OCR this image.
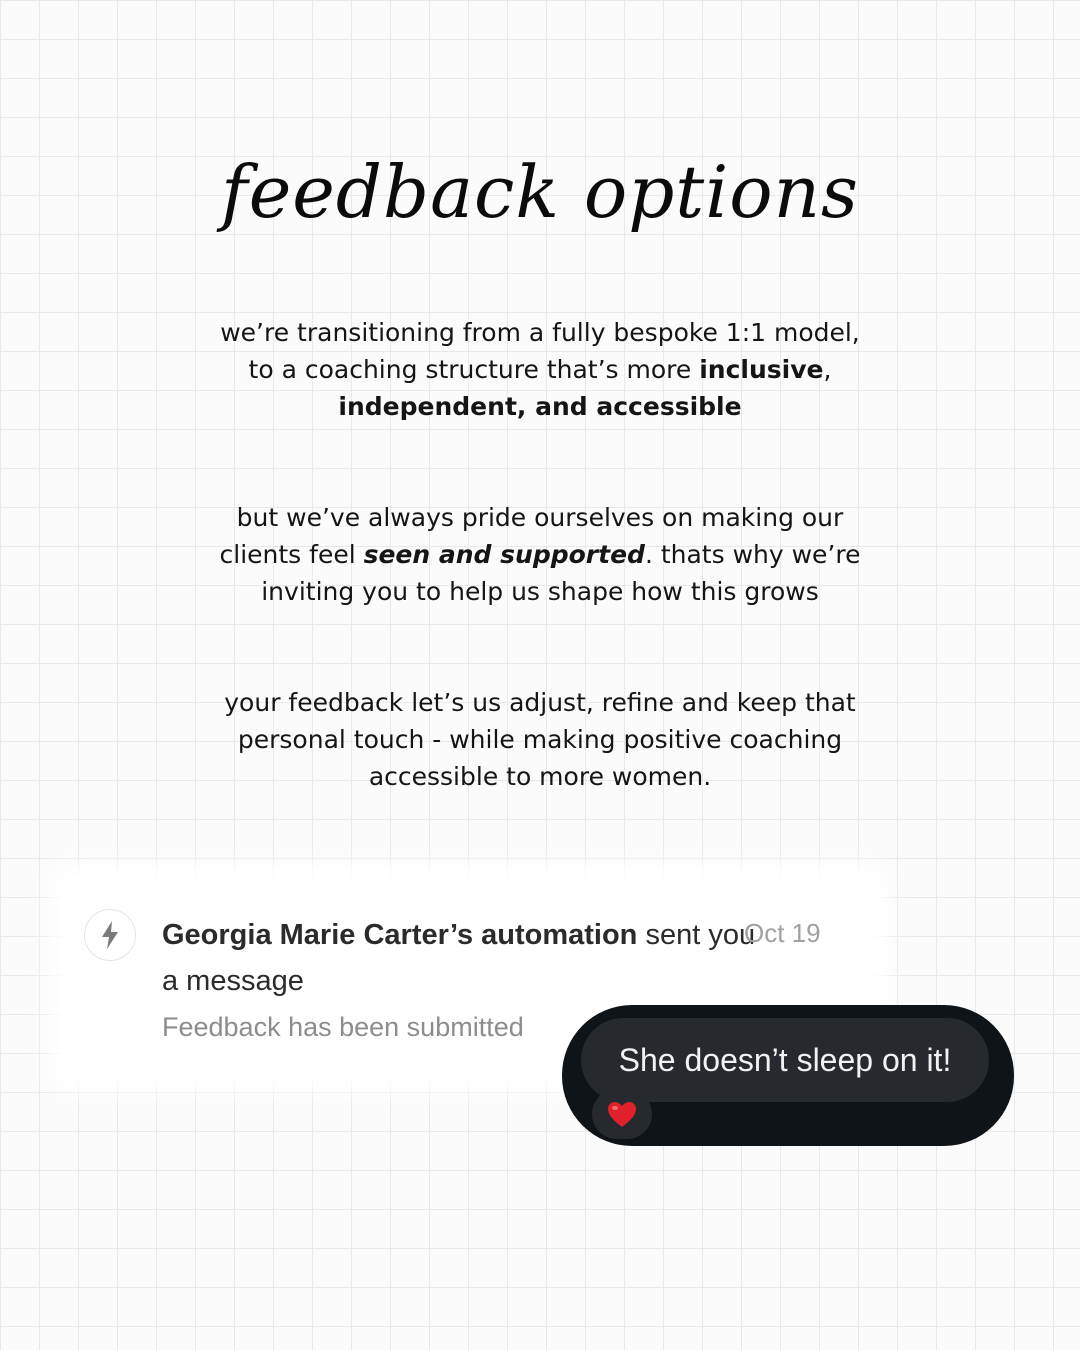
feedback options
we’re transitioning from a fully bespoke 1:1 model,
to a coaching structure that’s more inclusive,
independent, and accessible
but we’ve always pride ourselves on making our
clients feel seen and supported. thats why we’re
inviting you to help us shape how this grows
your feedback let’s us adjust, refine and keep that
personal touch - while making positive coaching
accessible to more women.
Georgia Marie Carter’s automation sent you a message
Oct 19
Feedback has been submitted
She doesn’t sleep on it!
